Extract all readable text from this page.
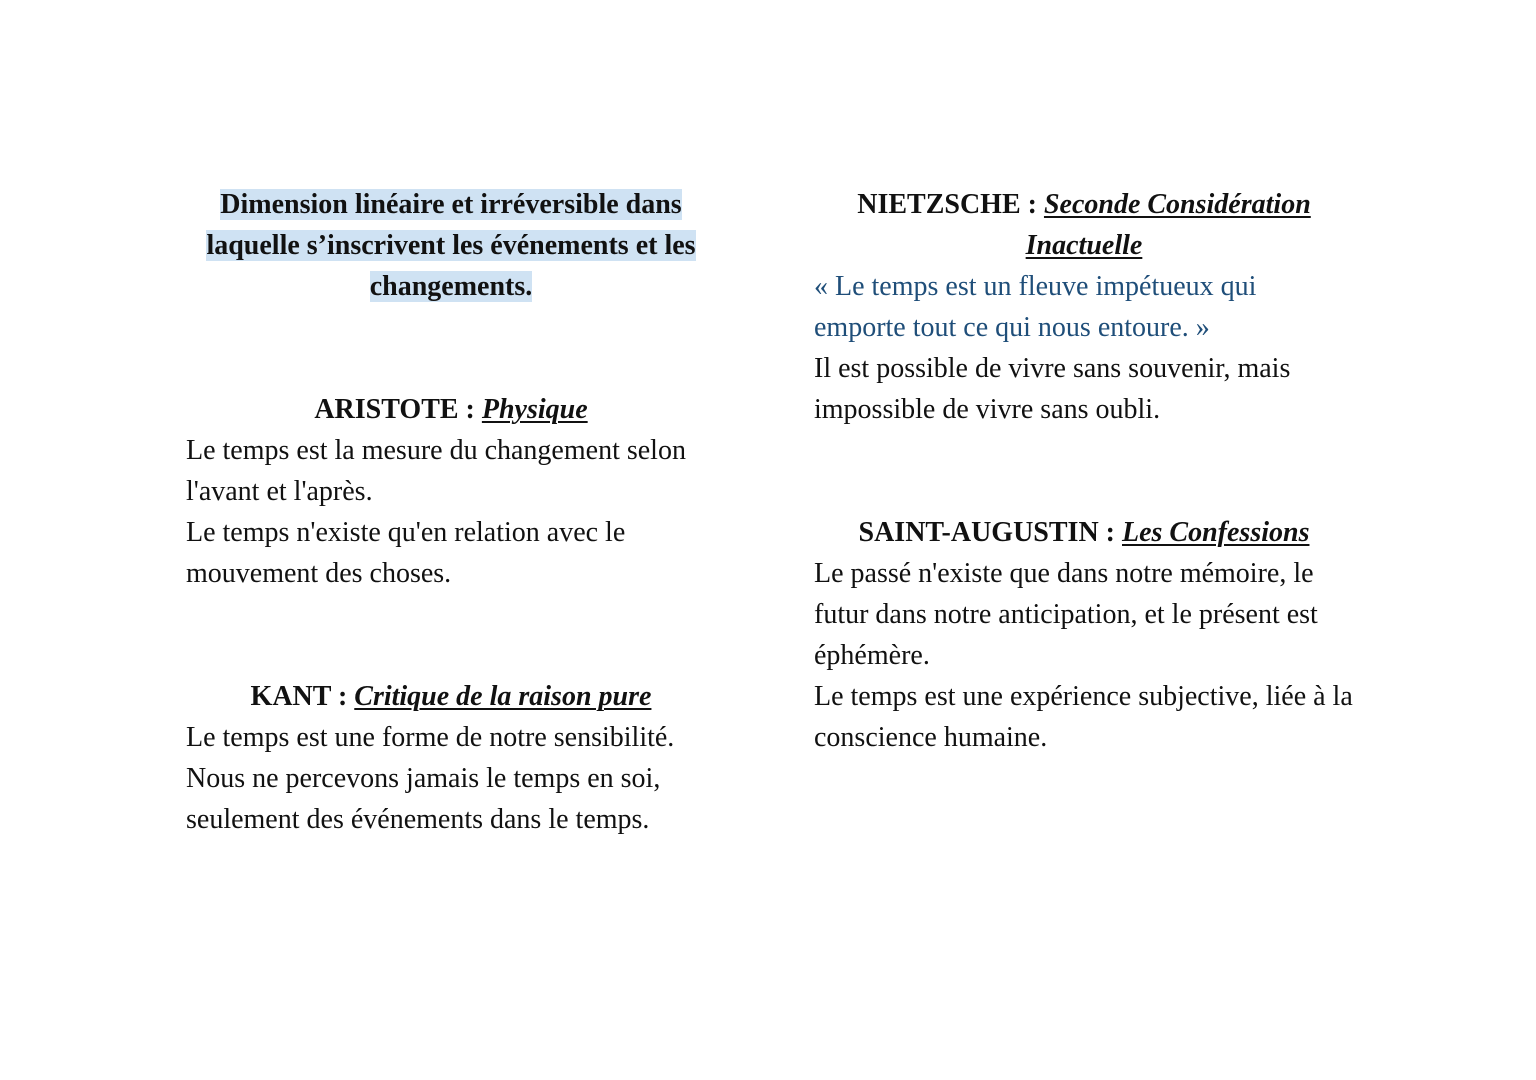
Dimension linéaire et irréversible dans laquelle s’inscrivent les événements et les changements.

ARISTOTE : Physique

Le temps est la mesure du changement selon l'avant et l'après.

Le temps n'existe qu'en relation avec le mouvement des choses.

KANT : Critique de la raison pure

Le temps est une forme de notre sensibilité.

Nous ne percevons jamais le temps en soi, seulement des événements dans le temps.

NIETZSCHE : Seconde Considération Inactuelle

« Le temps est un fleuve impétueux qui emporte tout ce qui nous entoure. »

Il est possible de vivre sans souvenir, mais impossible de vivre sans oubli.

SAINT-AUGUSTIN : Les Confessions

Le passé n'existe que dans notre mémoire, le futur dans notre anticipation, et le présent est éphémère.

Le temps est une expérience subjective, liée à la conscience humaine.
